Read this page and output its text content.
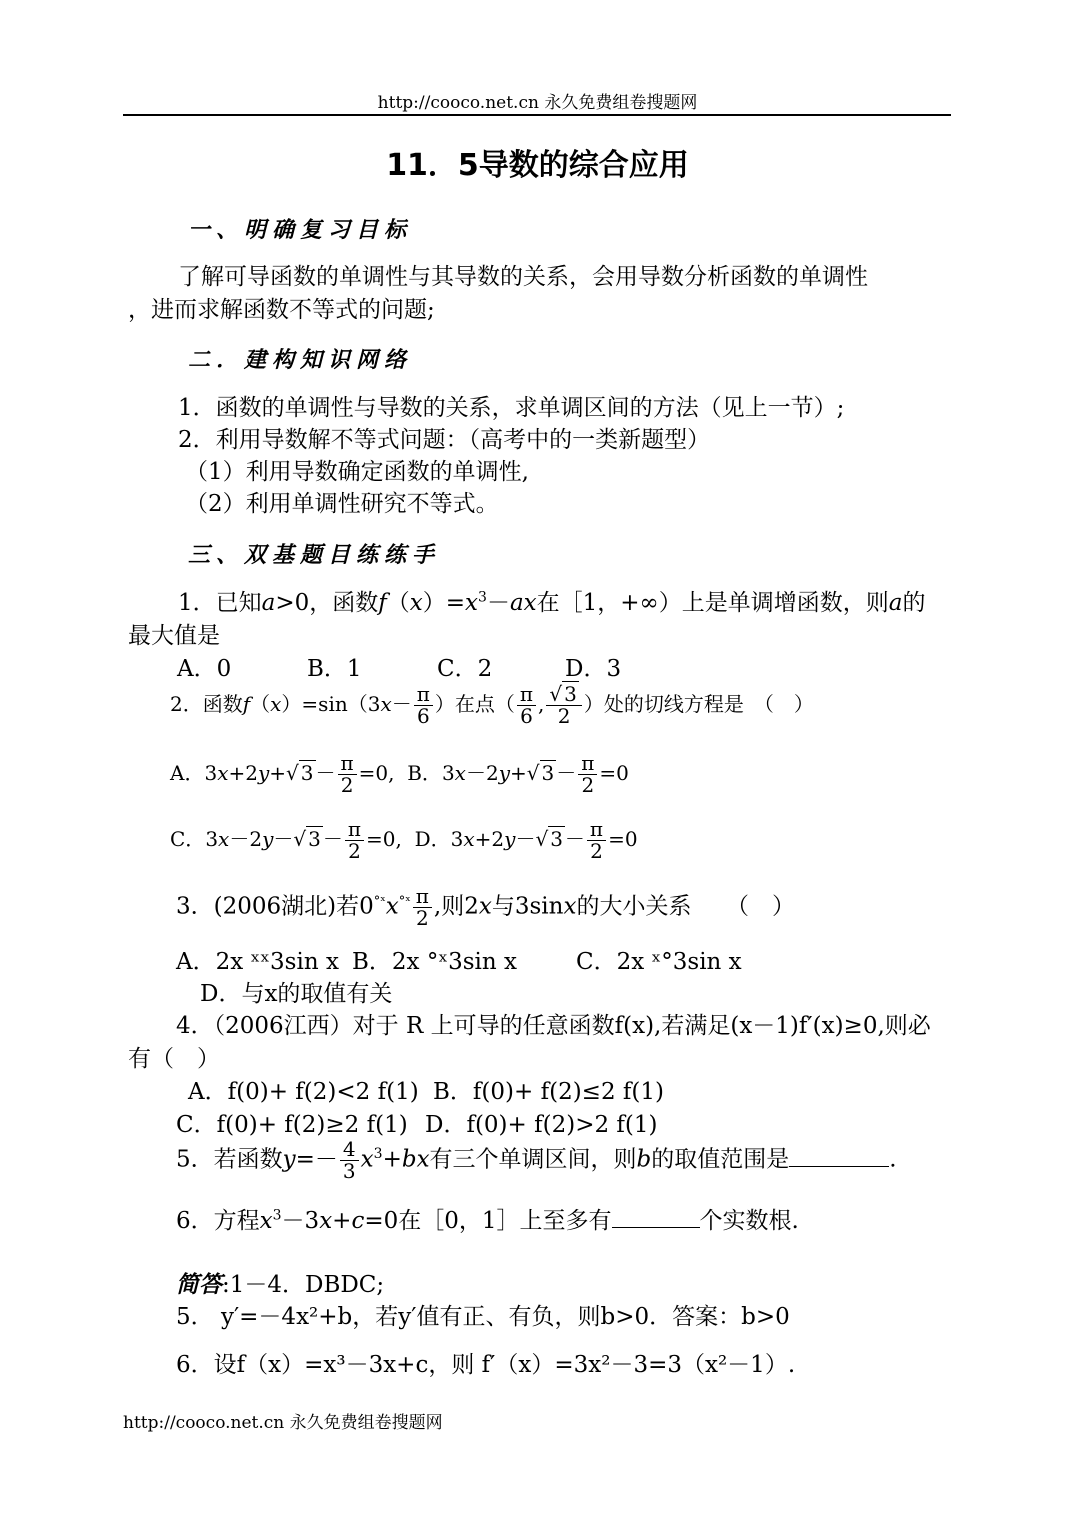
http://cooco.net.cn 永久免费组卷搜题网
11．5导数的综合应用
一、明确复习目标
了解可导函数的单调性与其导数的关系，会用导数分析函数的单调性
，进而求解函数不等式的问题;
二．建构知识网络
1．函数的单调性与导数的关系，求单调区间的方法（见上一节）;
2．利用导数解不等式问题：（高考中的一类新题型）
（1）利用导数确定函数的单调性,
（2）利用单调性研究不等式。
三、双基题目练练手
1．已知a>0，函数$f(x)=x^3-ax$在［1，+∞）上是单调增函数，则a的
最大值是
A．0	B．1	C．2	D．3
2．函数$f(x)=\sin(3x- \frac{\pi}{6}$ ）在点（ $\frac{\pi}{6}$ , $\frac{√ 3}{2}$ ）处的切线方程是　（　）
A．3x+2y+√ $3 - \frac{\pi}{2} =0$, B．3x－2y+√ $3 - \frac{\pi}{2} =0$
C．3x－2y－√ $3 - \frac{\pi}{2} =0$, D．3x+2y－√ $3 - \frac{\pi}{2} =0$
3．(2006湖北)若$0^{^\circ ˣ}x^{^\circ ˣ} \frac{\pi}{2}$ ,则2x与3sinx的大小关系　　（　）
A．2x ˣˣ3sin x B．2x °ˣ3sin x	C．2x ˣ°3sin x
D．与x的取值有关
4．（2006江西）对于 R 上可导的任意函数f(x),若满足(x－1)f′(x)≥0,则必
有（　）
A．f(0)+ f(2)<2 f(1) B．f(0)+ f(2)≤2 f(1)
C．f(0)+ f(2)≥2 f(1) D．f(0)+ f(2)>2 f(1)
5．若函数$y=- \frac{4}{3} x^3+bx$有三个单调区间，则b的取值范围是	.
6．方程$x^3-3x+c=0$在［0，1］上至多有	个实数根.
简答:1－4．DBDC;
5． y′=－4x²+b，若y′值有正、有负，则b>0．答案：b>0
6．设f（x）=x³－3x+c，则 f′（x）=3x²－3=3（x²－1）.
http://cooco.net.cn 永久免费组卷搜题网
